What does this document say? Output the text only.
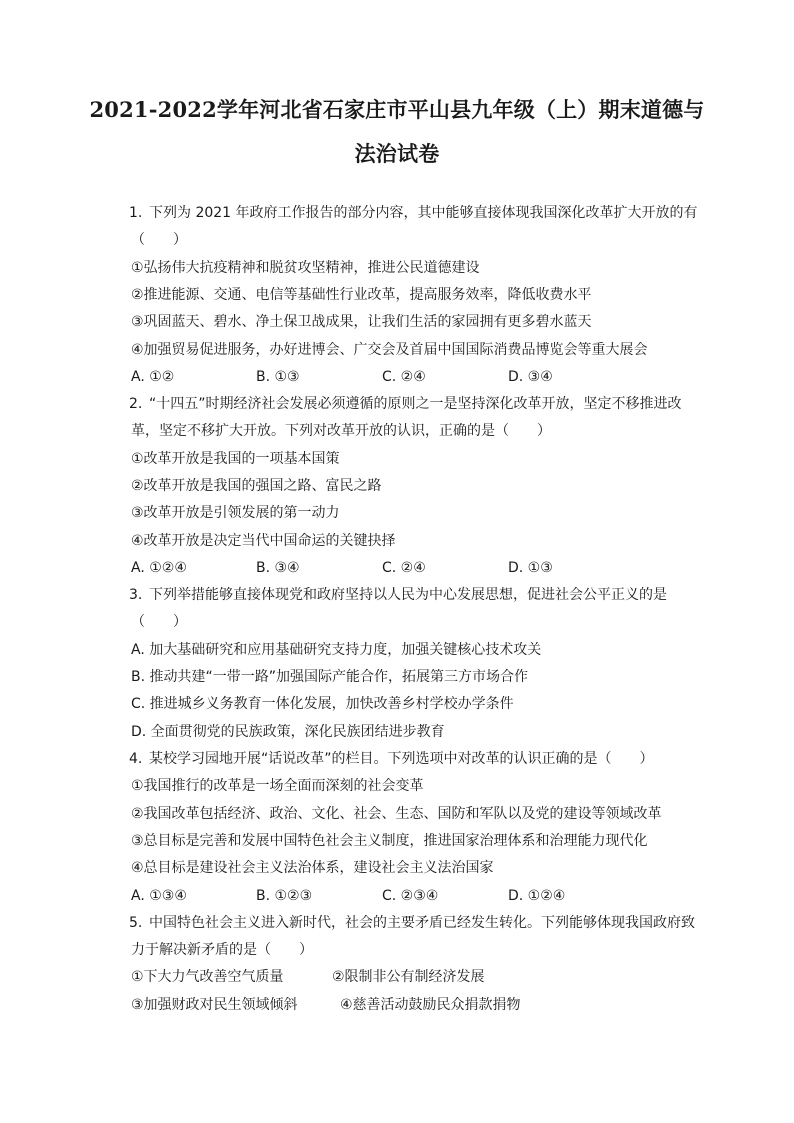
2021-2022学年河北省石家庄市平山县九年级（上）期末道德与
法治试卷
1. 下列为 2021 年政府工作报告的部分内容，其中能够直接体现我国深化改革扩大开放的有
（　　）
①弘扬伟大抗疫精神和脱贫攻坚精神，推进公民道德建设
②推进能源、交通、电信等基础性行业改革，提高服务效率，降低收费水平
③巩固蓝天、碧水、净土保卫战成果，让我们生活的家园拥有更多碧水蓝天
④加强贸易促进服务，办好进博会、广交会及首届中国国际消费品博览会等重大展会
A. ①②	B. ①③	C. ②④	D. ③④
2. “十四五”时期经济社会发展必须遵循的原则之一是坚持深化改革开放，坚定不移推进改
革，坚定不移扩大开放。下列对改革开放的认识，正确的是（　　）
①改革开放是我国的一项基本国策
②改革开放是我国的强国之路、富民之路
③改革开放是引领发展的第一动力
④改革开放是决定当代中国命运的关键抉择
A. ①②④	B. ③④	C. ②④	D. ①③
3. 下列举措能够直接体现党和政府坚持以人民为中心发展思想，促进社会公平正义的是
（　　）
A. 加大基础研究和应用基础研究支持力度，加强关键核心技术攻关
B. 推动共建“一带一路”加强国际产能合作，拓展第三方市场合作
C. 推进城乡义务教育一体化发展，加快改善乡村学校办学条件
D. 全面贯彻党的民族政策，深化民族团结进步教育
4. 某校学习园地开展“话说改革”的栏目。下列选项中对改革的认识正确的是（　　）
①我国推行的改革是一场全面而深刻的社会变革
②我国改革包括经济、政治、文化、社会、生态、国防和军队以及党的建设等领域改革
③总目标是完善和发展中国特色社会主义制度，推进国家治理体系和治理能力现代化
④总目标是建设社会主义法治体系，建设社会主义法治国家
A. ①③④	B. ①②③	C. ②③④	D. ①②④
5. 中国特色社会主义进入新时代，社会的主要矛盾已经发生转化。下列能够体现我国政府致
力于解决新矛盾的是（　　）
①下大力气改善空气质量	②限制非公有制经济发展
③加强财政对民生领域倾斜	④慈善活动鼓励民众捐款捐物
